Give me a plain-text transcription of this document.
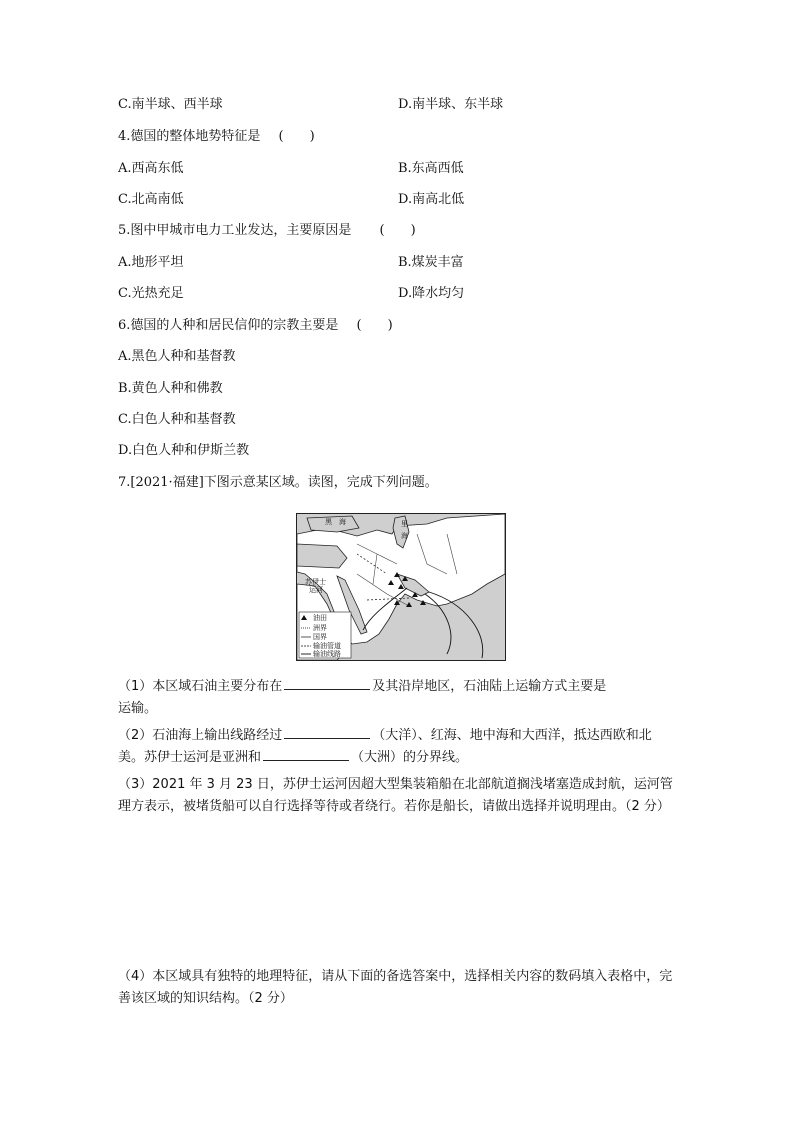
C.南半球、西半球	D.南半球、东半球
4.德国的整体地势特征是 (　　)
A.西高东低	B.东高西低
C.北高南低	D.南高北低
5.图中甲城市电力工业发达，主要原因是 (　　)
A.地形平坦	B.煤炭丰富
C.光热充足	D.降水均匀
6.德国的人种和居民信仰的宗教主要是 (　　)
A.黑色人种和基督教
B.黄色人种和佛教
C.白色人种和基督教
D.白色人种和伊斯兰教
7.[2021·福建]下图示意某区域。读图，完成下列问题。
黑　海	里
海
苏伊士
运河
油田
洲界
国界
输油管道
输油线路
（1）本区域石油主要分布在	及其沿岸地区，石油陆上运输方式主要是
运输。
（2）石油海上输出线路经过	（大洋）、红海、地中海和大西洋，抵达西欧和北
美。苏伊士运河是亚洲和	（大洲）的分界线。
（3）2021 年 3 月 23 日，苏伊士运河因超大型集装箱船在北部航道搁浅堵塞造成封航，运河管理方表示，被堵货船可以自行选择等待或者绕行。若你是船长，请做出选择并说明理由。（2 分）
（4）本区域具有独特的地理特征，请从下面的备选答案中，选择相关内容的数码填入表格中，完善该区域的知识结构。（2 分）
